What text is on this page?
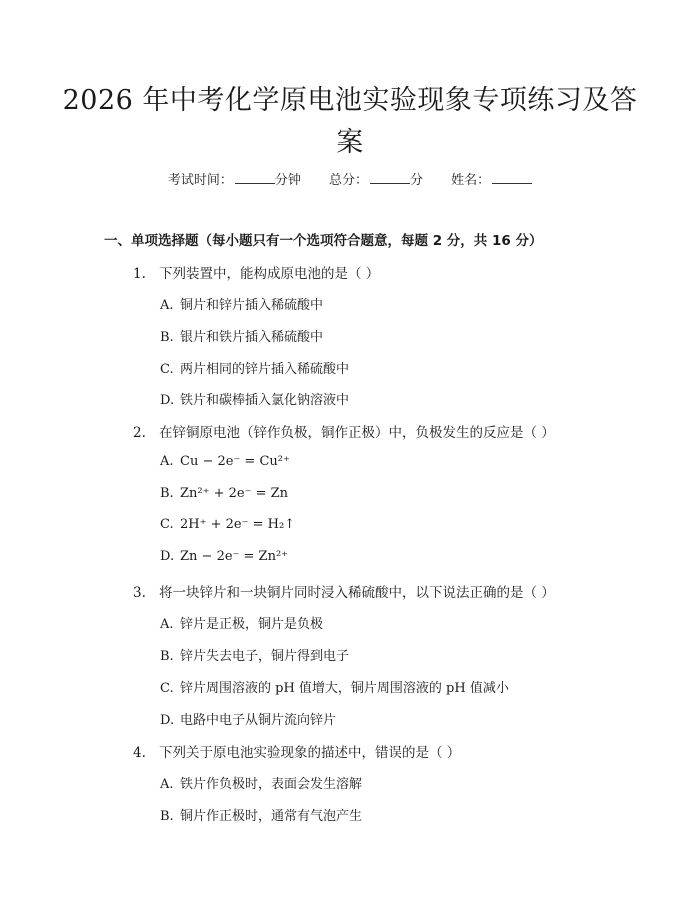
2026 年中考化学原电池实验现象专项练习及答案
考试时间：	分钟 总分：	分 姓名：
一、单项选择题（每小题只有一个选项符合题意，每题 2 分，共 16 分）
1. 下列装置中，能构成原电池的是（ ）
A. 铜片和锌片插入稀硫酸中
B. 银片和铁片插入稀硫酸中
C. 两片相同的锌片插入稀硫酸中
D. 铁片和碳棒插入氯化钠溶液中
2. 在锌铜原电池（锌作负极，铜作正极）中，负极发生的反应是（ ）
A. Cu − 2e⁻ = Cu²⁺
B. Zn²⁺ + 2e⁻ = Zn
C. 2H⁺ + 2e⁻ = H₂↑
D. Zn − 2e⁻ = Zn²⁺
3. 将一块锌片和一块铜片同时浸入稀硫酸中，以下说法正确的是（ ）
A. 锌片是正极，铜片是负极
B. 锌片失去电子，铜片得到电子
C. 锌片周围溶液的 pH 值增大，铜片周围溶液的 pH 值减小
D. 电路中电子从铜片流向锌片
4. 下列关于原电池实验现象的描述中，错误的是（ ）
A. 铁片作负极时，表面会发生溶解
B. 铜片作正极时，通常有气泡产生
